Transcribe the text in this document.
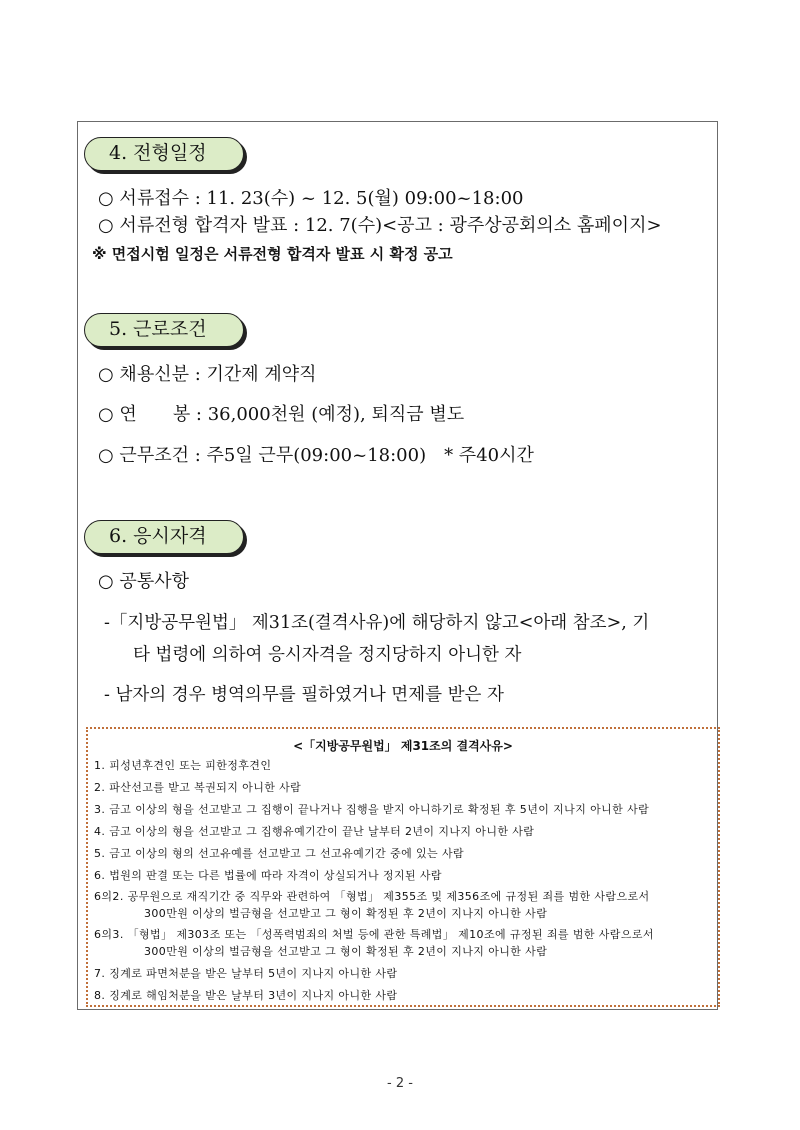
4. 전형일정
○ 서류접수 : 11. 23(수) ~ 12. 5(월) 09:00~18:00
○ 서류전형 합격자 발표 : 12. 7(수)<공고 : 광주상공회의소 홈페이지>
※ 면접시험 일정은 서류전형 합격자 발표 시 확정 공고
5. 근로조건
○ 채용신분 : 기간제 계약직
○ 연　　봉 : 36,000천원 (예정), 퇴직금 별도
○ 근무조건 : 주5일 근무(09:00~18:00)　* 주40시간
6. 응시자격
○ 공통사항
-「지방공무원법」 제31조(결격사유)에 해당하지 않고<아래 참조>, 기
타 법령에 의하여 응시자격을 정지당하지 아니한 자
- 남자의 경우 병역의무를 필하였거나 면제를 받은 자
<「지방공무원법」 제31조의 결격사유>
1. 피성년후견인 또는 피한정후견인
2. 파산선고를 받고 복권되지 아니한 사람
3. 금고 이상의 형을 선고받고 그 집행이 끝나거나 집행을 받지 아니하기로 확정된 후 5년이 지나지 아니한 사람
4. 금고 이상의 형을 선고받고 그 집행유예기간이 끝난 날부터 2년이 지나지 아니한 사람
5. 금고 이상의 형의 선고유예를 선고받고 그 선고유예기간 중에 있는 사람
6. 법원의 판결 또는 다른 법률에 따라 자격이 상실되거나 정지된 사람
6의2. 공무원으로 재직기간 중 직무와 관련하여 「형법」 제355조 및 제356조에 규정된 죄를 범한 사람으로서
300만원 이상의 벌금형을 선고받고 그 형이 확정된 후 2년이 지나지 아니한 사람
6의3. 「형법」 제303조 또는 「성폭력범죄의 처벌 등에 관한 특례법」 제10조에 규정된 죄를 범한 사람으로서
300만원 이상의 벌금형을 선고받고 그 형이 확정된 후 2년이 지나지 아니한 사람
7. 징계로 파면처분을 받은 날부터 5년이 지나지 아니한 사람
8. 징계로 해임처분을 받은 날부터 3년이 지나지 아니한 사람
- 2 -
